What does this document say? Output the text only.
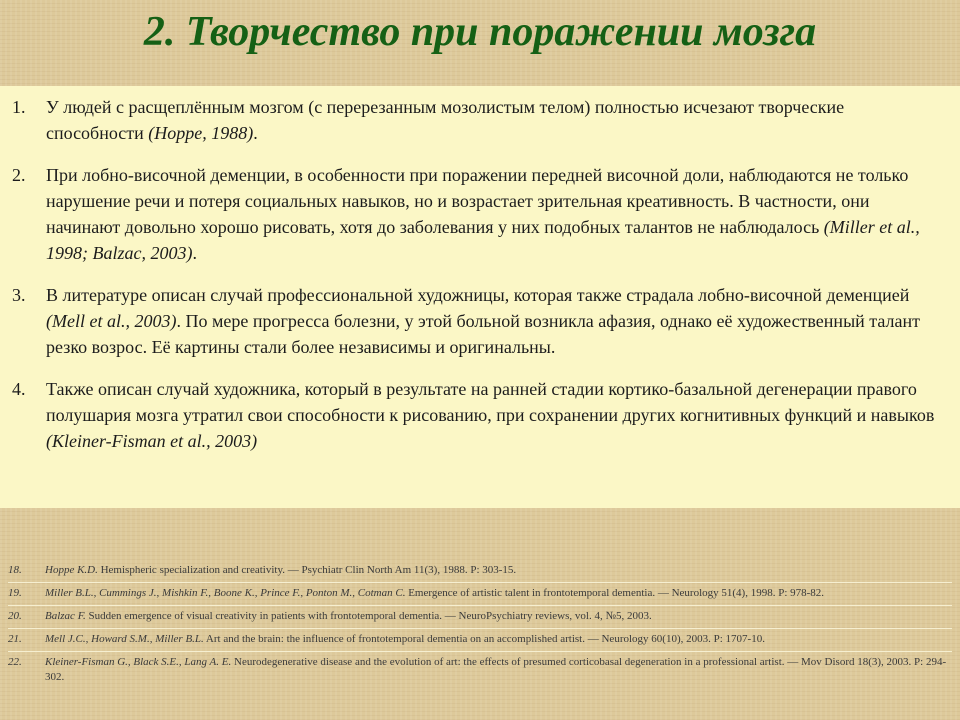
2. Творчество при поражении мозга
1.	У людей с расщеплённым мозгом (с перерезанным мозолистым телом) полностью исчезают творческие способности (Hoppe, 1988).
2.	При лобно-височной деменции, в особенности при поражении передней височной доли, наблюдаются не только нарушение речи и потеря социальных навыков, но и возрастает зрительная креативность. В частности, они начинают довольно хорошо рисовать, хотя до заболевания у них подобных талантов не наблюдалось (Miller et al., 1998; Balzac, 2003).
3.	В литературе описан случай профессиональной художницы, которая также страдала лобно-височной деменцией (Mell et al., 2003). По мере прогресса болезни, у этой больной возникла афазия, однако её художественный талант резко возрос. Её картины стали более независимы и оригинальны.
4.	Также описан случай художника, который в результате на ранней стадии кортико-базальной дегенерации правого полушария мозга утратил свои способности к рисованию, при сохранении других когнитивных функций и навыков (Kleiner-Fisman et al., 2003)
18.	Hoppe K.D. Hemispheric specialization and creativity. — Psychiatr Clin North Am 11(3), 1988. P: 303-15.
19.	Miller B.L., Cummings J., Mishkin F., Boone K., Prince F., Ponton M., Cotman C. Emergence of artistic talent in frontotemporal dementia. — Neurology 51(4), 1998. P: 978-82.
20.	Balzac F. Sudden emergence of visual creativity in patients with frontotemporal dementia. — NeuroPsychiatry reviews, vol. 4, №5, 2003.
21.	Mell J.C., Howard S.M., Miller B.L. Art and the brain: the influence of frontotemporal dementia on an accomplished artist. — Neurology 60(10), 2003. P: 1707-10.
22.	Kleiner-Fisman G., Black S.E., Lang A. E. Neurodegenerative disease and the evolution of art: the effects of presumed corticobasal degeneration in a professional artist. — Mov Disord 18(3), 2003. P: 294-302.
